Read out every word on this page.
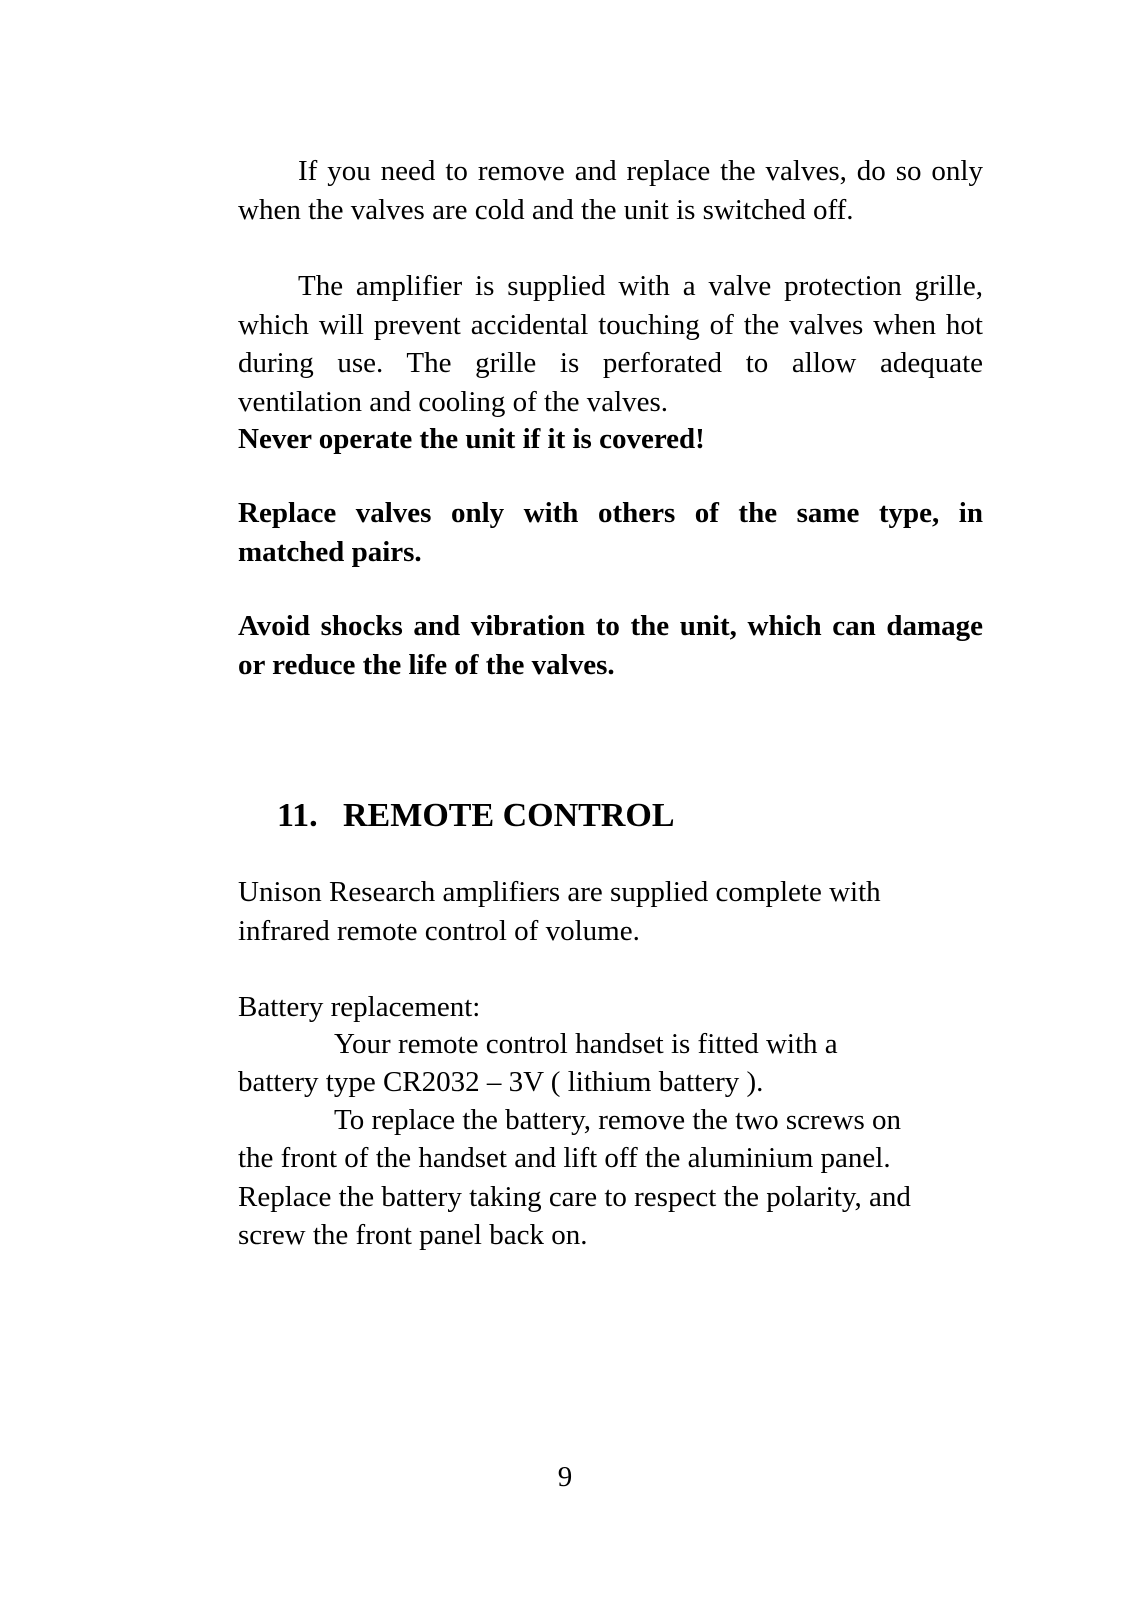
If you need to remove and replace the valves, do so only when the valves are cold and the unit is switched off.

The amplifier is supplied with a valve protection grille, which will prevent accidental touching of the valves when hot during use. The grille is perforated to allow adequate ventilation and cooling of the valves.

Never operate the unit if it is covered!

Replace valves only with others of the same type, in matched pairs.

Avoid shocks and vibration to the unit, which can damage or reduce the life of the valves.

11. REMOTE CONTROL

Unison Research amplifiers are supplied complete with infrared remote control of volume.

Battery replacement:

Your remote control handset is fitted with a

battery type CR2032 – 3V ( lithium battery ).

To replace the battery, remove the two screws on

the front of the handset and lift off the aluminium panel. Replace the battery taking care to respect the polarity, and screw the front panel back on.

9
